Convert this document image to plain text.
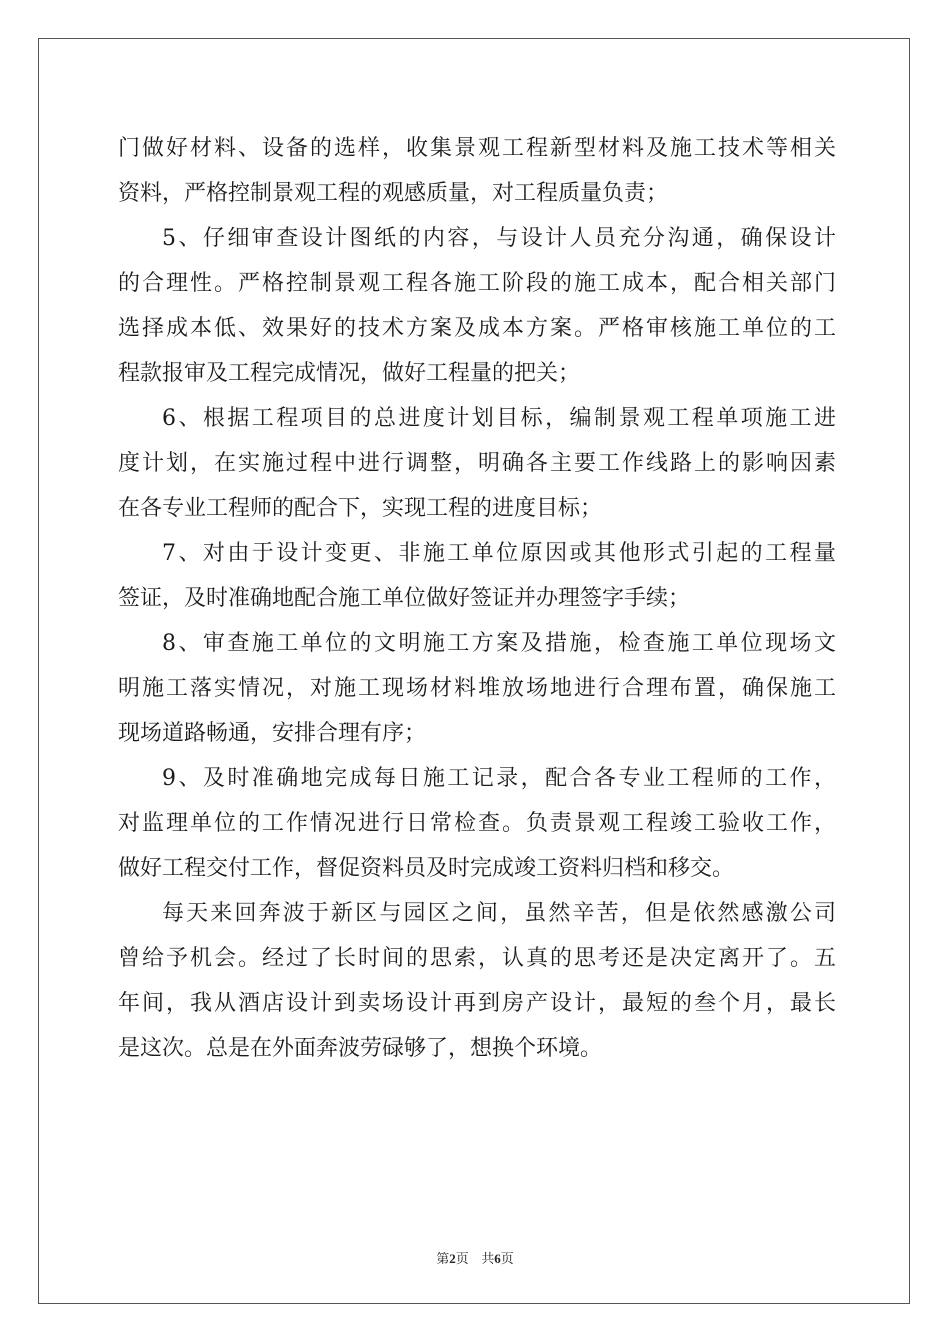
门做好材料、设备的选样，收集景观工程新型材料及施工技术等相关
资料，严格控制景观工程的观感质量，对工程质量负责；
5、仔细审查设计图纸的内容，与设计人员充分沟通，确保设计
的合理性。严格控制景观工程各施工阶段的施工成本，配合相关部门
选择成本低、效果好的技术方案及成本方案。严格审核施工单位的工
程款报审及工程完成情况，做好工程量的把关；
6、根据工程项目的总进度计划目标，编制景观工程单项施工进
度计划，在实施过程中进行调整，明确各主要工作线路上的影响因素
在各专业工程师的配合下，实现工程的进度目标；
7、对由于设计变更、非施工单位原因或其他形式引起的工程量
签证，及时准确地配合施工单位做好签证并办理签字手续；
8、审查施工单位的文明施工方案及措施，检查施工单位现场文
明施工落实情况，对施工现场材料堆放场地进行合理布置，确保施工
现场道路畅通，安排合理有序；
9、及时准确地完成每日施工记录，配合各专业工程师的工作，
对监理单位的工作情况进行日常检查。负责景观工程竣工验收工作，
做好工程交付工作，督促资料员及时完成竣工资料归档和移交。
每天来回奔波于新区与园区之间，虽然辛苦，但是依然感激公司
曾给予机会。经过了长时间的思索，认真的思考还是决定离开了。五
年间，我从酒店设计到卖场设计再到房产设计，最短的叁个月，最长
是这次。总是在外面奔波劳碌够了，想换个环境。
第2页 共6页
